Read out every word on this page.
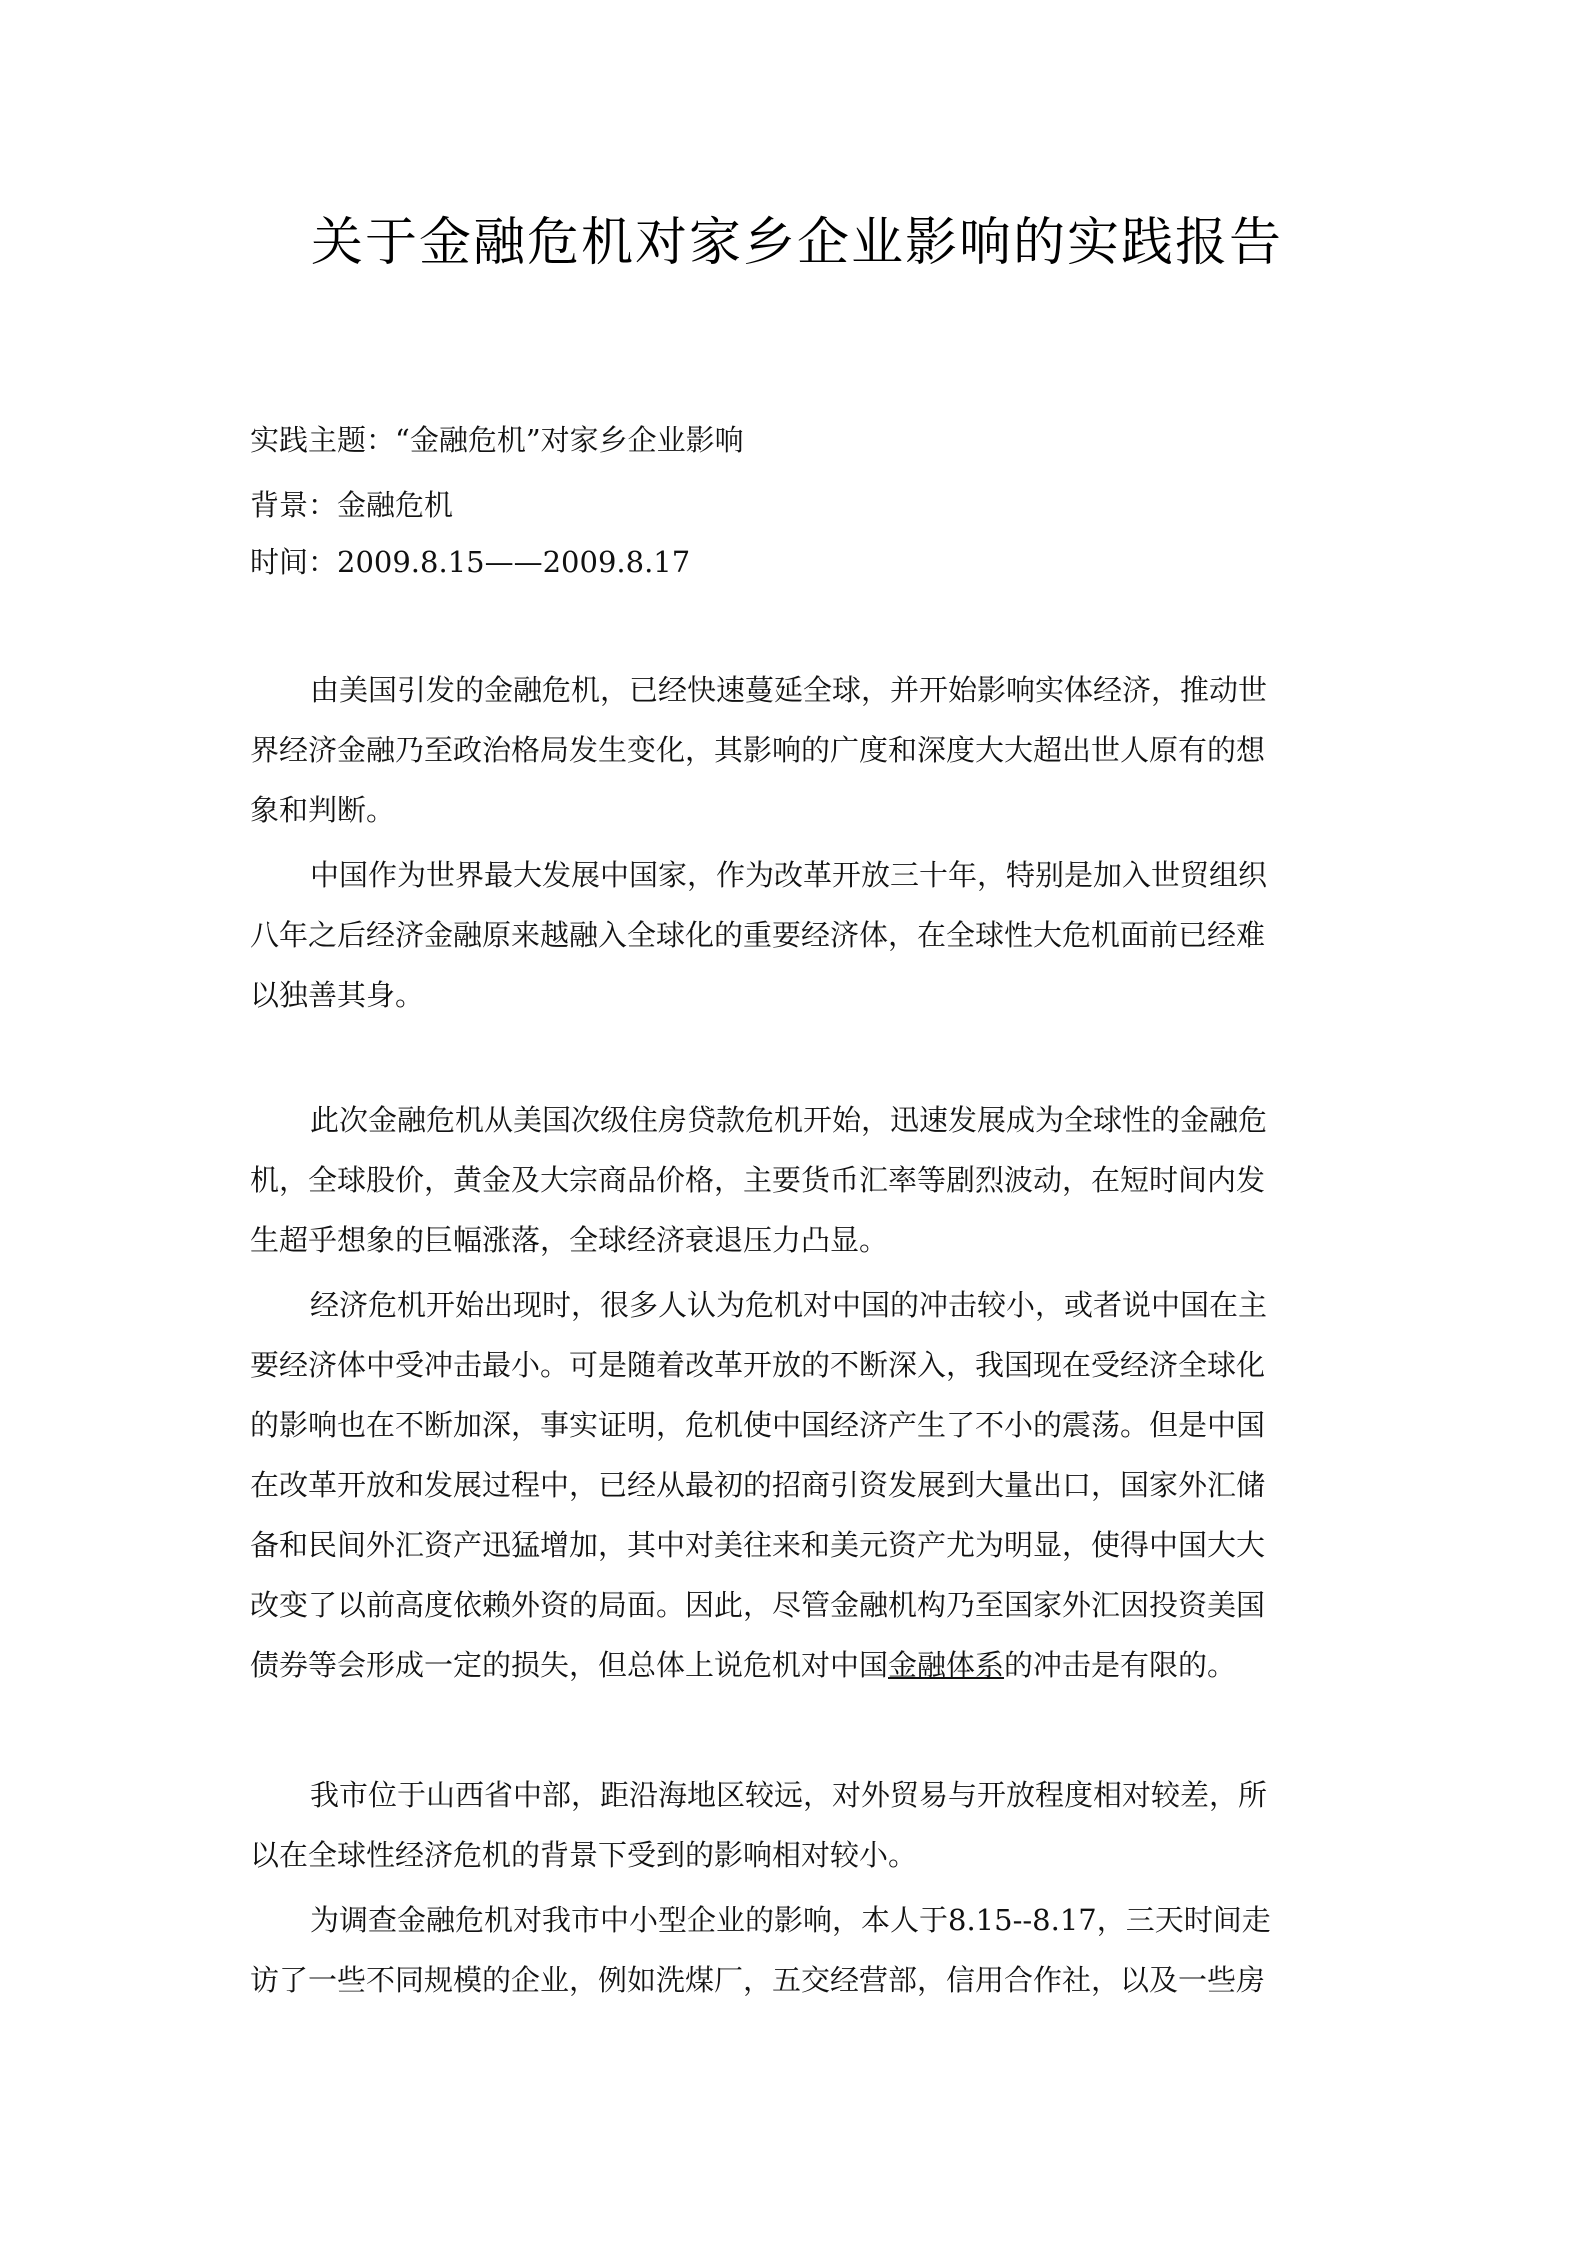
关于金融危机对家乡企业影响的实践报告
实践主题：“金融危机”对家乡企业影响
背景：金融危机
时间：2009.8.15——2009.8.17
由美国引发的金融危机，已经快速蔓延全球，并开始影响实体经济，推动世
界经济金融乃至政治格局发生变化，其影响的广度和深度大大超出世人原有的想
象和判断。
中国作为世界最大发展中国家，作为改革开放三十年，特别是加入世贸组织
八年之后经济金融原来越融入全球化的重要经济体，在全球性大危机面前已经难
以独善其身。
此次金融危机从美国次级住房贷款危机开始，迅速发展成为全球性的金融危
机，全球股价，黄金及大宗商品价格，主要货币汇率等剧烈波动，在短时间内发
生超乎想象的巨幅涨落，全球经济衰退压力凸显。
经济危机开始出现时，很多人认为危机对中国的冲击较小，或者说中国在主
要经济体中受冲击最小。可是随着改革开放的不断深入，我国现在受经济全球化
的影响也在不断加深，事实证明，危机使中国经济产生了不小的震荡。但是中国
在改革开放和发展过程中，已经从最初的招商引资发展到大量出口，国家外汇储
备和民间外汇资产迅猛增加，其中对美往来和美元资产尤为明显，使得中国大大
改变了以前高度依赖外资的局面。因此，尽管金融机构乃至国家外汇因投资美国
债券等会形成一定的损失，但总体上说危机对中国金融体系的冲击是有限的。
我市位于山西省中部，距沿海地区较远，对外贸易与开放程度相对较差，所
以在全球性经济危机的背景下受到的影响相对较小。
为调查金融危机对我市中小型企业的影响，本人于8.15--8.17，三天时间走
访了一些不同规模的企业，例如洗煤厂，五交经营部，信用合作社，以及一些房
